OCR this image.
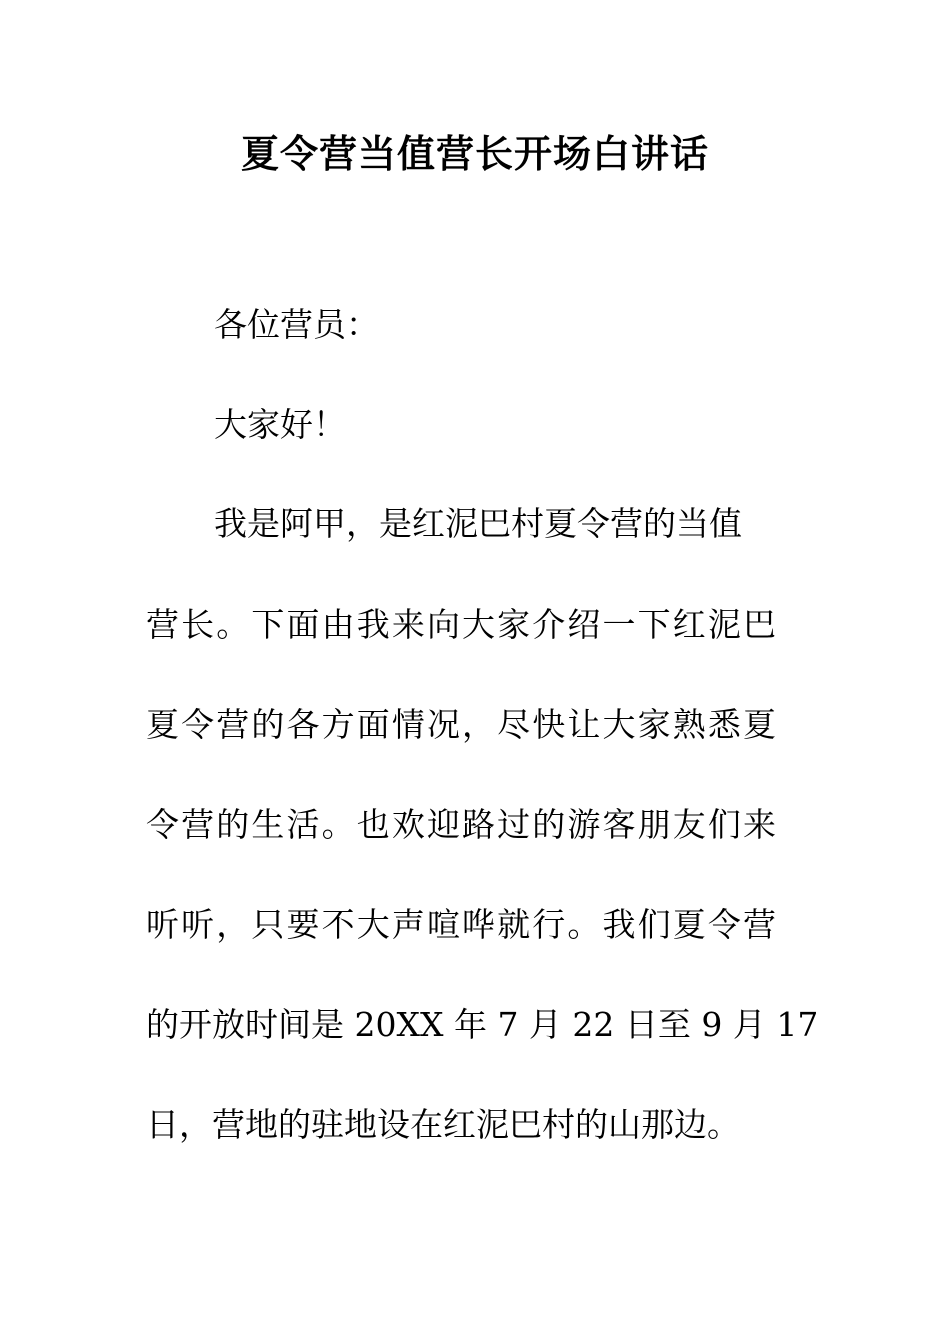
夏令营当值营长开场白讲话
各位营员：
大家好！
我是阿甲，是红泥巴村夏令营的当值
营长。下面由我来向大家介绍一下红泥巴
夏令营的各方面情况，尽快让大家熟悉夏
令营的生活。也欢迎路过的游客朋友们来
听听，只要不大声喧哗就行。我们夏令营
的开放时间是 20XX 年 7 月 22 日至 9 月 17
日，营地的驻地设在红泥巴村的山那边。
